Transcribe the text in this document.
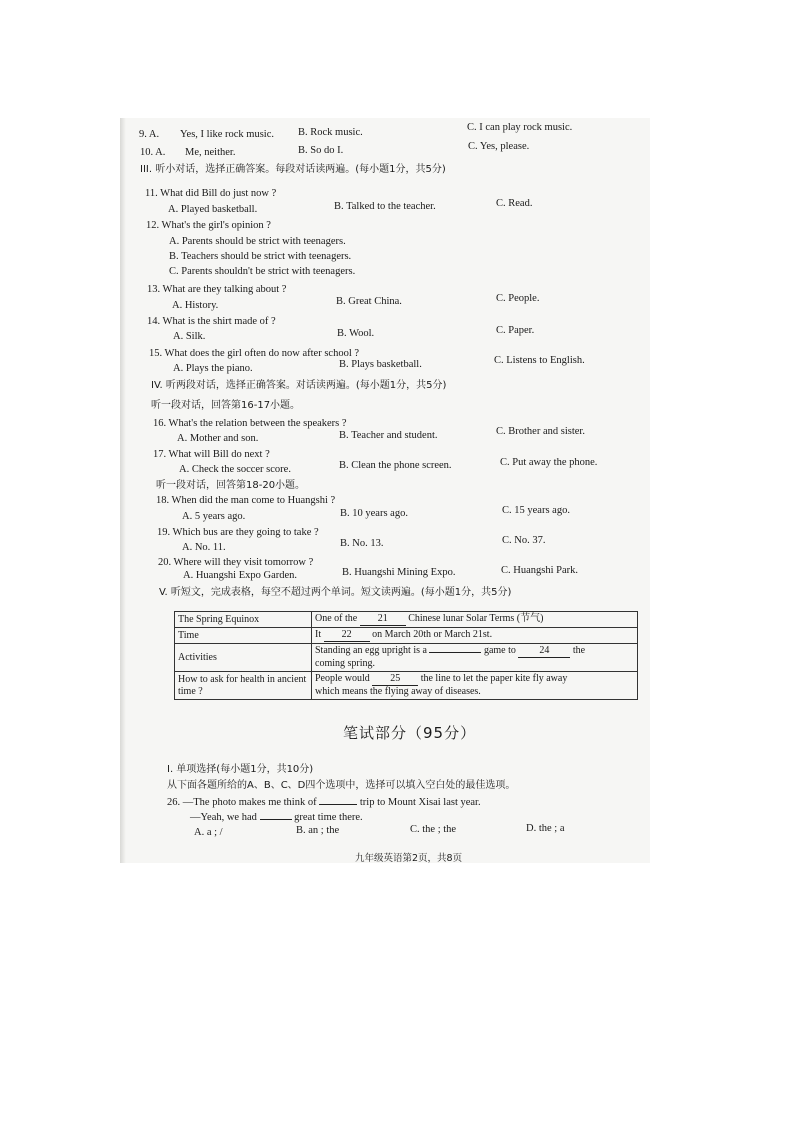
9. A. Yes, I like rock music. B. Rock music.	C. I can play rock music.
10. A. Me, neither.	B. So do I.	C. Yes, please.
III. 听小对话，选择正确答案。每段对话读两遍。(每小题1分，共5分)
11. What did Bill do just now ?
A. Played basketball.	B. Talked to the teacher.	C. Read.
12. What's the girl's opinion ?
A. Parents should be strict with teenagers.
B. Teachers should be strict with teenagers.
C. Parents shouldn't be strict with teenagers.
13. What are they talking about ?
A. History.	B. Great China.	C. People.
14. What is the shirt made of ?
A. Silk.	B. Wool.	C. Paper.
15. What does the girl often do now after school ?
A. Plays the piano.	B. Plays basketball.	C. Listens to English.
IV. 听两段对话，选择正确答案。对话读两遍。(每小题1分，共5分)
听一段对话，回答第16-17小题。
16. What's the relation between the speakers ?
A. Mother and son.	B. Teacher and student.	C. Brother and sister.
17. What will Bill do next ?
A. Check the soccer score.	B. Clean the phone screen.	C. Put away the phone.
听一段对话，回答第18-20小题。
18. When did the man come to Huangshi ?
A. 5 years ago.	B. 10 years ago.	C. 15 years ago.
19. Which bus are they going to take ?
A. No. 11.	B. No. 13.	C. No. 37.
20. Where will they visit tomorrow ?
A. Huangshi Expo Garden.	B. Huangshi Mining Expo.	C. Huangshi Park.
V. 听短文，完成表格，每空不超过两个单词。短文读两遍。(每小题1分，共5分)
The Spring Equinox	One of the 21 Chinese lunar Solar Terms (节气)
Time	It 22 on March 20th or March 21st.
Activities	Standing an egg upright is a game to 24 the
coming spring.
How to ask for health in ancient time ?	People would 25 the line to let the paper kite fly away
which means the flying away of diseases.
笔试部分（95分）
I. 单项选择(每小题1分，共10分)
从下面各题所给的A、B、C、D四个选项中，选择可以填入空白处的最佳选项。
26. —The photo makes me think of	trip to Mount Xisai last year.
—Yeah, we had	great time there.
A. a ; /	B. an ; the	C. the ; the	D. the ; a
九年级英语第2页，共8页
